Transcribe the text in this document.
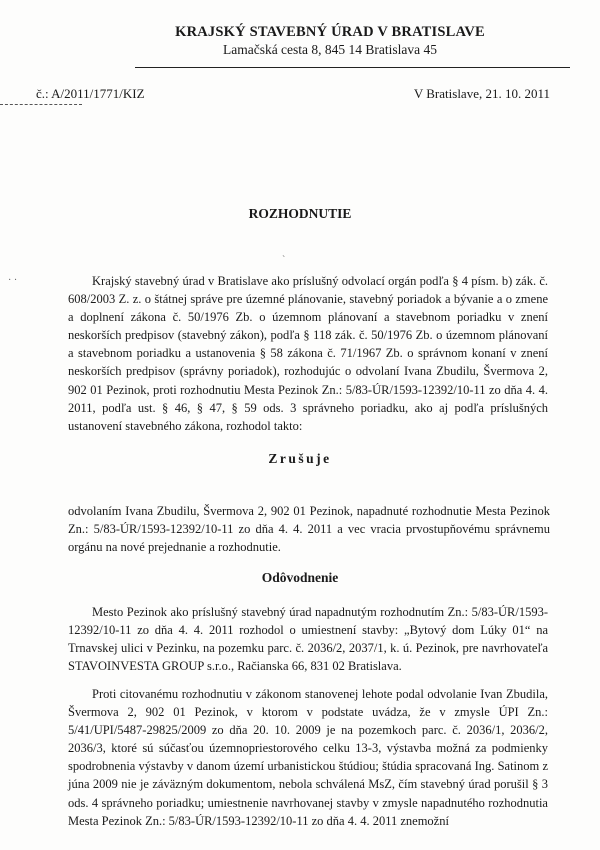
KRAJSKÝ STAVEBNÝ ÚRAD V BRATISLAVE
Lamačská cesta 8, 845 14 Bratislava 45
č.: A/2011/1771/KIZ	V Bratislave, 21. 10. 2011
ROZHODNUTIE
· ·
`
Krajský stavebný úrad v Bratislave ako príslušný odvolací orgán podľa § 4 písm. b) zák. č. 608/2003 Z. z. o štátnej správe pre územné plánovanie, stavebný poriadok a bývanie a o zmene a doplnení zákona č. 50/1976 Zb. o územnom plánovaní a stavebnom poriadku v znení neskorších predpisov (stavebný zákon), podľa § 118 zák. č. 50/1976 Zb. o územnom plánovaní a stavebnom poriadku a ustanovenia § 58 zákona č. 71/1967 Zb. o správnom konaní v znení neskorších predpisov (správny poriadok), rozhodujúc o odvolaní Ivana Zbudilu, Švermova 2, 902 01 Pezinok, proti rozhodnutiu Mesta Pezinok Zn.: 5/83-ÚR/1593-12392/10-11 zo dňa 4. 4. 2011, podľa ust. § 46, § 47, § 59 ods. 3 správneho poriadku, ako aj podľa príslušných ustanovení stavebného zákona, rozhodol takto:
Zrušuje
odvolaním Ivana Zbudilu, Švermova 2, 902 01 Pezinok, napadnuté rozhodnutie Mesta Pezinok Zn.: 5/83-ÚR/1593-12392/10-11 zo dňa 4. 4. 2011 a vec vracia prvostupňovému správnemu orgánu na nové prejednanie a rozhodnutie.
Odôvodnenie
Mesto Pezinok ako príslušný stavebný úrad napadnutým rozhodnutím Zn.: 5/83-ÚR/1593-12392/10-11 zo dňa 4. 4. 2011 rozhodol o umiestnení stavby: „Bytový dom Lúky 01“ na Trnavskej ulici v Pezinku, na pozemku parc. č. 2036/2, 2037/1, k. ú. Pezinok, pre navrhovateľa STAVOINVESTA GROUP s.r.o., Račianska 66, 831 02 Bratislava.
Proti citovanému rozhodnutiu v zákonom stanovenej lehote podal odvolanie Ivan Zbudila, Švermova 2, 902 01 Pezinok, v ktorom v podstate uvádza, že v zmysle ÚPI Zn.: 5/41/UPI/5487-29825/2009 zo dňa 20. 10. 2009 je na pozemkoch parc. č. 2036/1, 2036/2, 2036/3, ktoré sú súčasťou územnopriestorového celku 13-3, výstavba možná za podmienky spodrobnenia výstavby v danom území urbanistickou štúdiou; štúdia spracovaná Ing. Satinom z júna 2009 nie je záväzným dokumentom, nebola schválená MsZ, čím stavebný úrad porušil § 3 ods. 4 správneho poriadku; umiestnenie navrhovanej stavby v zmysle napadnutého rozhodnutia Mesta Pezinok Zn.: 5/83-ÚR/1593-12392/10-11 zo dňa 4. 4. 2011 znemožní
